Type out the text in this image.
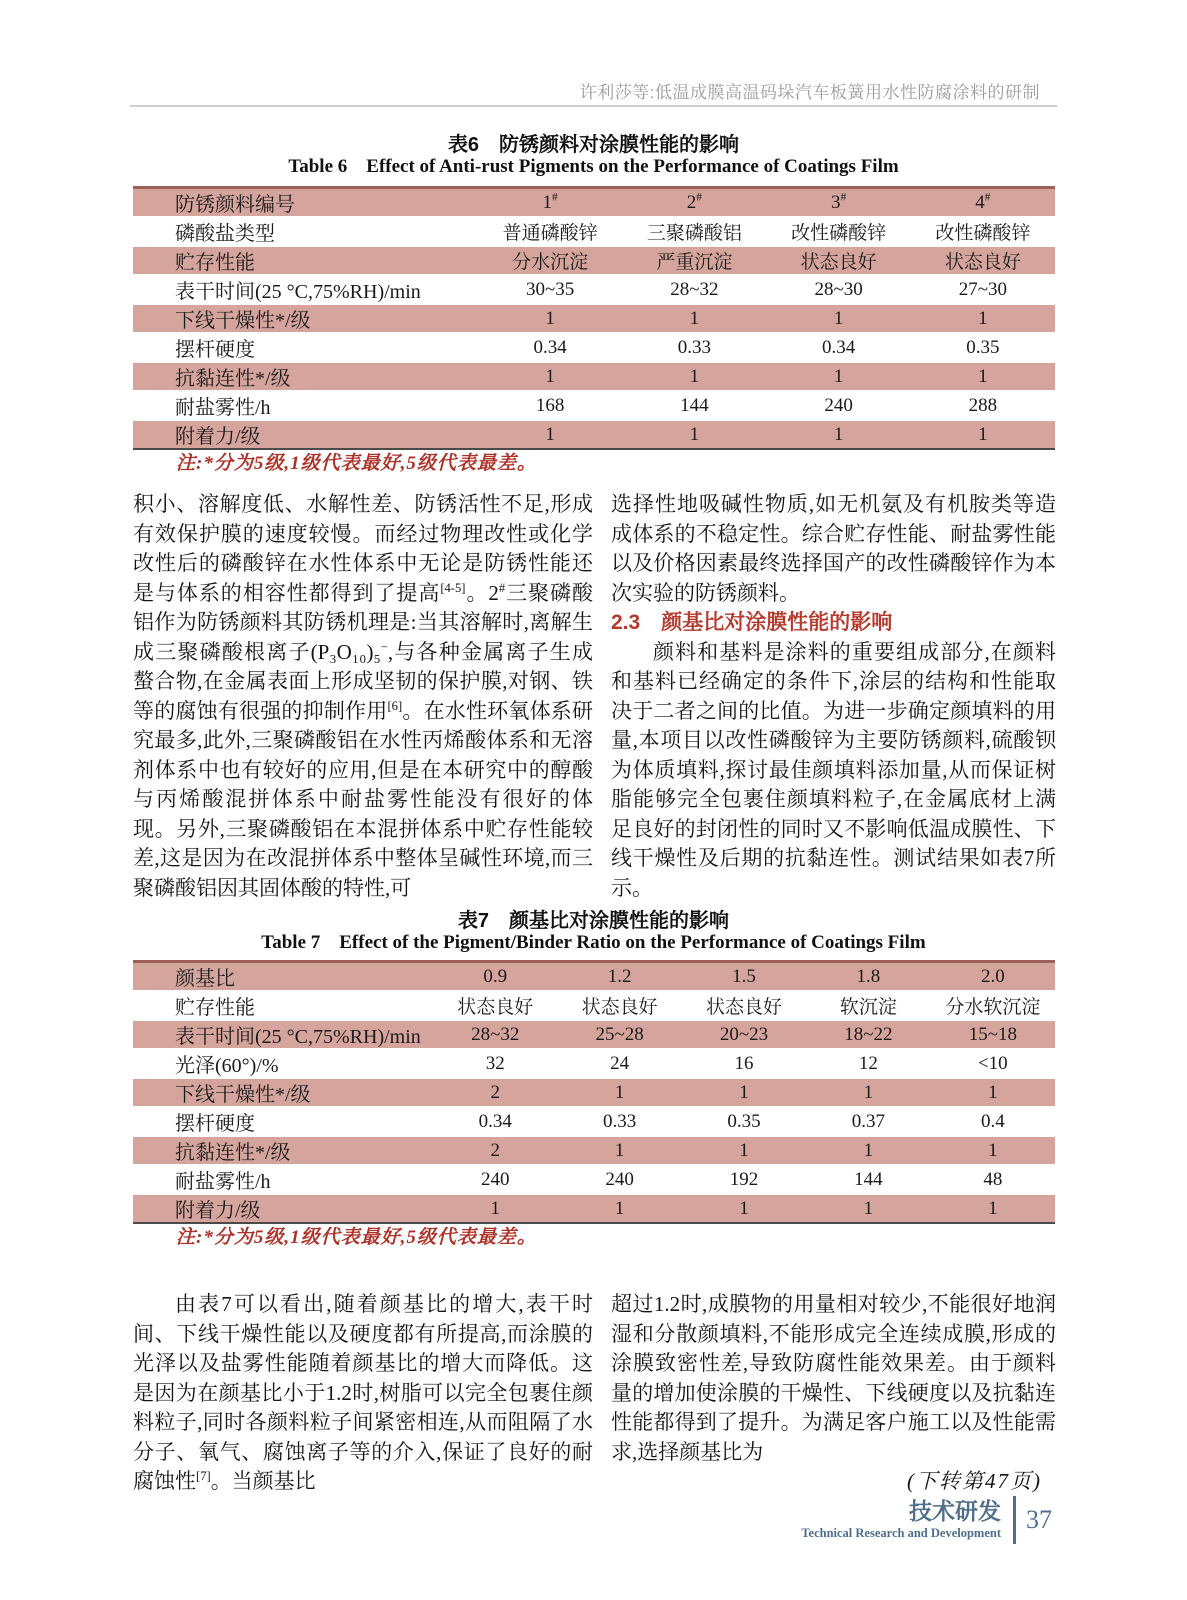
许利莎等:低温成膜高温码垛汽车板簧用水性防腐涂料的研制
表6　防锈颜料对涂膜性能的影响
Table 6    Effect of Anti-rust Pigments on the Performance of Coatings Film
防锈颜料编号	1#	2#	3#	4#
磷酸盐类型	普通磷酸锌	三聚磷酸铝	改性磷酸锌	改性磷酸锌
贮存性能	分水沉淀	严重沉淀	状态良好	状态良好
表干时间(25 °C,75%RH)/min	30~35	28~32	28~30	27~30
下线干燥性*/级	1	1	1	1
摆杆硬度	0.34	0.33	0.34	0.35
抗黏连性*/级	1	1	1	1
耐盐雾性/h	168	144	240	288
附着力/级	1	1	1	1
注:*分为5级,1级代表最好,5级代表最差。

积小、溶解度低、水解性差、防锈活性不足,形成有效保护膜的速度较慢。而经过物理改性或化学改性后的磷酸锌在水性体系中无论是防锈性能还是与体系的相容性都得到了提高[4-5]。2#三聚磷酸铝作为防锈颜料其防锈机理是:当其溶解时,离解生成三聚磷酸根离子(P₃O₁₀)₅−,与各种金属离子生成螯合物,在金属表面上形成坚韧的保护膜,对钢、铁等的腐蚀有很强的抑制作用[6]。在水性环氧体系研究最多,此外,三聚磷酸铝在水性丙烯酸体系和无溶剂体系中也有较好的应用,但是在本研究中的醇酸与丙烯酸混拼体系中耐盐雾性能没有很好的体现。另外,三聚磷酸铝在本混拼体系中贮存性能较差,这是因为在改混拼体系中整体呈碱性环境,而三聚磷酸铝因其固体酸的特性,可

选择性地吸碱性物质,如无机氨及有机胺类等造成体系的不稳定性。综合贮存性能、耐盐雾性能以及价格因素最终选择国产的改性磷酸锌作为本次实验的防锈颜料。

2.3　颜基比对涂膜性能的影响

颜料和基料是涂料的重要组成部分,在颜料和基料已经确定的条件下,涂层的结构和性能取决于二者之间的比值。为进一步确定颜填料的用量,本项目以改性磷酸锌为主要防锈颜料,硫酸钡为体质填料,探讨最佳颜填料添加量,从而保证树脂能够完全包裹住颜填料粒子,在金属底材上满足良好的封闭性的同时又不影响低温成膜性、下线干燥性及后期的抗黏连性。测试结果如表7所示。

表7　颜基比对涂膜性能的影响
Table 7    Effect of the Pigment/Binder Ratio on the Performance of Coatings Film
颜基比	0.9	1.2	1.5	1.8	2.0
贮存性能	状态良好	状态良好	状态良好	软沉淀	分水软沉淀
表干时间(25 °C,75%RH)/min	28~32	25~28	20~23	18~22	15~18
光泽(60°)/%	32	24	16	12	<10
下线干燥性*/级	2	1	1	1	1
摆杆硬度	0.34	0.33	0.35	0.37	0.4
抗黏连性*/级	2	1	1	1	1
耐盐雾性/h	240	240	192	144	48
附着力/级	1	1	1	1	1
注:*分为5级,1级代表最好,5级代表最差。

由表7可以看出,随着颜基比的增大,表干时间、下线干燥性能以及硬度都有所提高,而涂膜的光泽以及盐雾性能随着颜基比的增大而降低。这是因为在颜基比小于1.2时,树脂可以完全包裹住颜料粒子,同时各颜料粒子间紧密相连,从而阻隔了水分子、氧气、腐蚀离子等的介入,保证了良好的耐腐蚀性[7]。当颜基比

超过1.2时,成膜物的用量相对较少,不能很好地润湿和分散颜填料,不能形成完全连续成膜,形成的涂膜致密性差,导致防腐性能效果差。由于颜料量的增加使涂膜的干燥性、下线硬度以及抗黏连性能都得到了提升。为满足客户施工以及性能需求,选择颜基比为

(下转第47页)

技术研发
Technical Research and Development 37
